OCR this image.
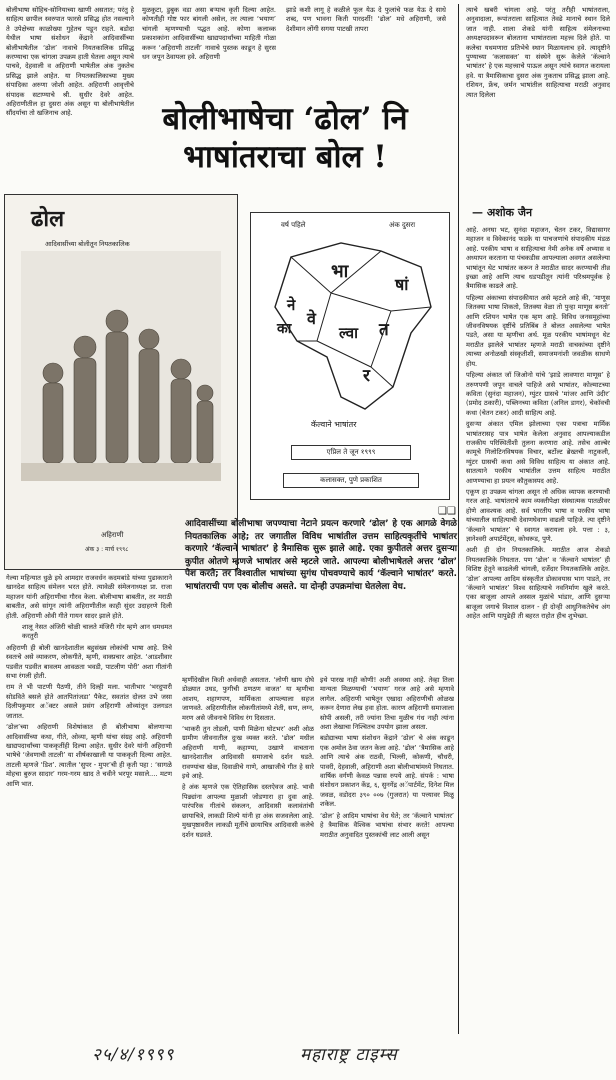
बोलीभाषा सोहिच-सोनियाच्या खाणी असतात; परंतु हे साहित्य छापील स्वरुपात फारसे प्रसिद्ध होत नसल्याने ते उपेक्षेच्या काळोख्या गुहेतच पडून राहते. बडोदा येथील भाषा संशोधन केंद्राने आदिवासींच्या बोलीभाषेतील ‘ढोल’ नावाचे नियतकालिक प्रसिद्ध करण्याचा एक चांगला उपक्रम हाती घेतला असून त्याचे पाचवे, देहवाली व अहिराणी भाषेतील अंक नुकतेच प्रसिद्ध झाले आहेत. या नियतकालिकाच्या मुख्य संपादिका अरुणा जोशी आहेत. अहिराणी आवृत्तीचे संपादक सटाण्याचे श्री. सुधीर देवरे आहेत. अहिराणीतील हा दुसरा अंक असून या बोलीभाषेतील सौंदर्याचा तो खजिनाच आहे.

मुळकुटा, डुबुक वडा असा बऱ्याच कृती दिल्या आहेत. कोणतीही गोष्ट फार बांगली असेल, तर त्याला ‘भयाण’ चांगली म्हणण्याची पद्धत आहे. कोणा कलाव्क प्रकाशकांना आदिवासींच्या खाद्यपदार्थांच्या माहिती गोळा करून ‘अहिराणी ताटली’ नावाचे पुस्तक काढून हे सुरस धन जपून ठेवायला हवे. अहिराणी

झाडे कशी लागू हे कळीले फूल येऊ दे फुलांचे फळ येऊ दे साधे शब्द, पण भावना किती पारदर्शी! ‘ढोल’ मधे अहिराणी, जसे देशीमान लोंगी सगया पाटखी तापरा

त्याचे खबरी चांगला आहे. परंतु तरीही भाषांतराला, अनुवादाला, रूपांतराला साहित्यात तेवढे मानाचे स्थान दिले जात नाही. शाला शेकडे यांनी साहित्य संमेलनाच्या अध्यक्षपदावरून बोलताना भाषांतराला महत्त्व दिले होते. या कलेचा यथमणारा प्रतिभेचे स्थान मिळायलाच हवे. त्यादृष्टीने पुण्याच्या ‘कलासक्त’ या संस्थेने सुरू केलेले ‘कॅल्वाने भाषांतर’ हे एक महत्त्वाचे पाऊल असून त्यांचे स्वागत करायला हवे. या त्रैमासिकाचा दुसरा अंक नुकताच प्रसिद्ध झाला आहे. रशियन, फ्रेंच, जर्मन भाषांतील साहित्याचा मराठी अनुवाद त्यात दिलेला

बोलीभाषेचा ‘ढोल’ नि
भाषांतराचा बोल !
— अशोक जैन
ढोल
आदिवासींच्या बोलीतून नियतकालिक
अहिराणी
अंक ३ : मार्च १९९८
वर्ष पहिले	अंक दुसरा
भा
षां
त
र
वे
ल्वा
ने
का
कॅल्वाने भाषांतर
एप्रिल ते जून १९९९
कलासक्त, पुणे प्रकाशित
❑❑
आदिवासींच्या बोलीभाषा जपण्याचा नेटाने प्रयत्न करणारे ‘ढोल’ हे एक आगळे वेगळे नियतकालिक आहे; तर जगातील विविध भाषांतील उत्तम साहित्यकृतींचे भाषांतर करणारे ‘कॅल्वाने भाषांतर’ हे त्रैमासिक सुरू झाले आहे. एका कुपीतले अत्तर दुसऱ्या कुपीत ओतणे म्हणजे भाषांतर असे म्हटले जाते. आपल्या बोलीभाषेतले अत्तर ‘ढोल’ पेश करते; तर विश्वातील भाषांच्या सुगंध पोचवण्याचे कार्य ‘कॅल्वाने भाषांतर’ करते. भाषांतराची पण एक बोलीच असते. या दोन्ही उपक्रमांचा घेतलेला वेध.

गेल्या महिन्यात धुळे इथे आमदार राजवर्धन कदमबांडे यांच्या पुढाकाराने खानदेश साहित्य संमेलन भरत होते. त्यावेळी संमेलनाध्यक्ष प्रा. राजा महाजन यांनी अहिराणीचा गौरव केला. बोलीभाषा बाबतीत, तर मराठी बाबतीत, असे सांगून त्यांनी अहिराणीतील काही सुंदर उदाहरणे दिली होती. अहिराणी ओवी गीते गायन सादर झाले होते.

शालू नेसत अंजिरी चोळी चालते मंजिरी गोर म्हणे आन धमधमत करतुरी

अहिराणी ही बोली खानदेशातील बहुसंख्य लोकांची भाषा आहे. तिचे स्वतःचे असे व्याकरण, लोकगीते, म्हणी, वाक्प्रचार आहेत. ‘आडशीवार पडवीत पडवीत बावलम आवळता भवडी, पाटलीण पोरी’ अशा गीतांनी सभा रंगली होती.

राम ते भी पाटणी पैठणी, तीने दिल्ही मला. भातीभार ‘भरदुपारी सोडविते बसले होते आतपितांजडा’ पैकेट, सवतांत दोलत उभे जसा दिलीपकुमार अॅक्टर असले प्रसंग अहिराणी ओव्यांतून उलगडत जातात.

‘ढोल’च्या अहिराणी विशेषांकात ही बोलीभाषा बोलणाऱ्या आदिवासींच्या कथा, गीते, ओव्या, म्हणी यांचा संग्रह आहे. अहिराणी खाद्यपदार्थांच्या पाककृतींही दिल्या आहेत. सुधीर देवरे यांनी अहिराणी भाषेचे ‘जेवणाची ताटली’ या शीर्षकाखाली या पाककृती दिल्या आहेत. ताटली म्हणजे ‘डिश’. त्यातील ‘सुपर - मुपर’ची ही कृती पहा : ‘सागळे मोहचा बुरुज सादार’ गरम-गरम खाद ते चवीने भरपूर मसाले.... मटण आणि भात.

म्हणींदेखील किती अर्थवाही असतात. ‘लोणी खाय दोघे डोळ्यात उघड, फुगीची ठणठण वाजत’ या म्हणीचा आशय, शहाणपण, मार्मिकता आपल्याला सहज जाणवते. अहिराणीतील लोकगीतांमध्ये शेती, सण, लग्न, मरण असे जीवनाचे विविध रंग दिसतात.

‘भाकरी तुन तोडली, पाणी मिळेना घोटभर’ अशी ओळ ग्रामीण जीवनातील दुःख व्यक्त करते. ‘ढोल’ मधील अहिराणी गाणी, कहाण्या, उखाणे वाचताना खानदेशातील आदिवासी समाजाचे दर्शन घडते. रावण्यांचा खेळ, दिवाळीचे गाणे, आखाजीचे गीत हे सारे इथे आहे.

हे अंक म्हणजे एक ऐतिहासिक दस्तऐवज आहे. भावी पिढ्यांना आपल्या मुळाशी जोडणारा हा दुवा आहे. पारंपरिक गीतांचे संकलन, आदिवासी कलावंतांची छायाचित्रे, लाकडी शिल्पे यांनी हा अंक सजवलेला आहे. मुखपृष्ठावरील लाकडी मूर्तीचे छायाचित्र आदिवासी कलेचे दर्शन घडवते.

इथे पारख नाही कोणी! अशी अवस्था आहे. तेव्हा तिला मान्यता मिळण्याची ‘भयाण’ गरज आहे असे म्हणावे लागेल. अहिराणी भाषेतून एखादा अहिराणीची ओळख करून देणारा लेख हवा होता. कारण अहिराणी समाजाला सोपी असली, तरी ज्यांना तिचा मुळीच गंध नाही त्यांना अशा लेखाचा निश्चितच उपयोग झाला असता.

बडोद्याच्या भाषा संशोधन केंद्राने ‘ढोल’ चे अंक काढून एक अमोल ठेवा जतन केला आहे. ‘ढोल’ ‘त्रैमासिक आहे आणि त्याचे अंक राठवी, भिल्ली, कोकणी, चौधरी, पावरी, देहवाली, अहिराणी अशा बोलीभाषांमध्ये निघतात. वार्षिक वर्गणी केवळ पन्नास रुपये आहे. संपर्क : भाषा संशोधन प्रकाशन केंद्र, ६, सुनगेंद्र अॅपार्टमेंट, दिनेश मिल जवळ, वडोदरा ३९० ००७ (गुजरात) या पत्त्यावर मिळू शकेल.

‘ढोल’ हे आदिम भाषांचा वेध घेते; तर ‘कॅल्वाने भाषांतर’ हे त्रैमासिक वैश्विक भाषांचा संभार करते! आपल्या मराठीत अनुवादित पुस्तकांची लाट आली असून

आहे. अनघा भट, सुनंदा महाजन, चेतन टकर, विद्यासागर महाजन व विवेकानंद फडके या पाचजणांचे संपादकीय मंडळ आहे. परकीय भाषा व साहित्याचा नेमी अनेक वर्षे अभ्यास व अध्यापन करताना या पंचकडीस आपल्याला अवगत असलेल्या भाषांतून थेट भाषांतर करून ते मराठीत सादर करण्याची तीव्र इच्छा आहे आणि त्याच धडपडीतून त्यांनी परिश्रमपूर्वक हे त्रैमासिक काढले आहे.

पहिल्या अंकाच्या संपादकीयात असे म्हटले आहे की, ‘माणूस जितक्या भाषा शिकतो, तितक्या वेळा तो पुन्हा माणूस बनतो’ आणि रशियन भाषेत एक म्हण आहे. विविध जनसमूहांच्या जीवनविषयक दृष्टींचे प्रतिबिंब ते बोलत असलेल्या भाषेत पडते, असा या म्हणीचा अर्थ. मूळ परकीय भाषांमधून थेट मराठीत झालेले भाषांतर म्हणजे मराठी वाचकांच्या दृष्टीने त्याच्या अनोळखी संस्कृतीशी, समाजमनांशी जवळीक साधणे होय.

पहिल्या अंकात जॉ जिओनो यांचे ‘झाडे लावणारा माणूस’ हे तरुणपणी जपून वाचले पाहिजे असे भाषांतर, कोल्माटच्या कविता (सुनंदा महाजन), ग्युंटर ग्रासचे ‘मांजर आणि उंदीर’ (प्रमोद ठकारी), पब्लिनच्या कविता (अनिल डागर), चेकॉवची कथा (चेतन टकर) आदी साहित्य आहे.

दुसऱ्या अंकात एमिल झोलाच्या एका पत्राचा मार्मिक भाषांतरासह पात्र भाषेत केलेला अनुवाद आपल्याकडील राजकीय परिस्थितीशी तुलना करणारा आहे. तसेच आल्बेर कामूचे गिलोटिनविषयक विचार, बर्टोल्ट ब्रेख्तची नाटुकली, ग्युंटर ग्रासची कथा असे विविध साहित्य या अंकात आहे. सातत्याने परकीय भाषांतील उत्तम साहित्य मराठीत आणण्याचा हा प्रयत्न कौतुकास्पद आहे.

एकूण हा उपक्रम चांगला असून तो अधिक व्यापक करण्याची गरज आहे. भाषांतराचे काम व्यक्तीपेक्षा संस्थात्मक पातळीवर होणे आवश्यक आहे. सर्व भारतीय भाषा व परकीय भाषा यांच्यातील साहित्याची देवाणघेवाण वाढली पाहिजे. त्या दृष्टीने ‘कॅल्वाने भाषांतर’ चे स्वागत करायला हवे. पत्ता : ३, ज्ञानेश्वरी अपार्टमेंट्स, कोथरूड, पुणे.

अशी ही दोन नियतकालिके. मराठीत आज शेकडो नियतकालिके निघतात. पण ‘ढोल’ व ‘कॅल्वाने भाषांतर’ ही विशिष्ट हेतूने काढलेली चांगली, दर्जेदार नियतकालिके आहेत. ‘ढोल’ आपल्या आदिम संस्कृतीत डोकावयास भाग पाडते, तर ‘कॅल्वाने भाषांतर’ विश्व साहित्याचे नवनिर्माण खुले करते. एका बाजूला आपले अस्सल मुळांचे भांडार, आणि दुसऱ्या बाजूला जगाचे विशाल दालन - ही दोन्ही आधुनिकतेचेच अंग आहेत आणि यापुढेही ती बहरत राहोत हीच शुभेच्छा.

२५/४/१९९९	महाराष्ट्र टाइम्स
